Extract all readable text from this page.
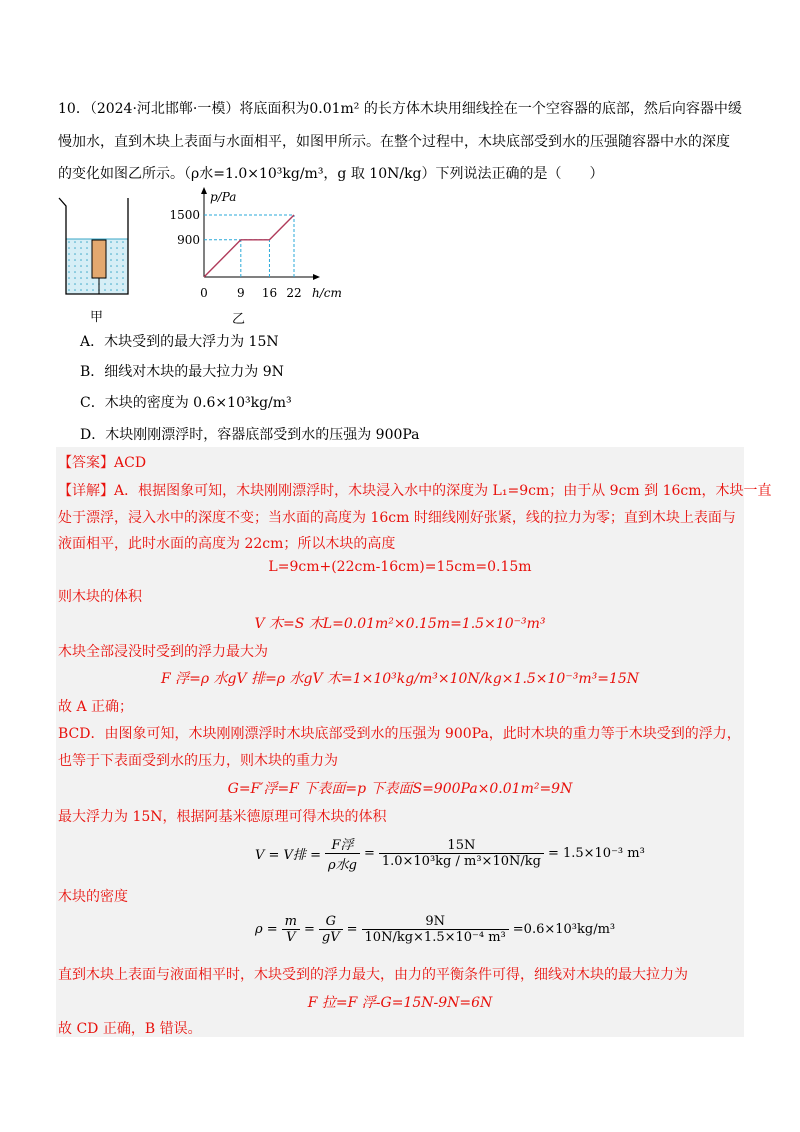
10．（2024·河北邯郸·一模）将底面积为0.01m² 的长方体木块用细线拴在一个空容器的底部，然后向容器中缓
慢加水，直到木块上表面与水面相平，如图甲所示。在整个过程中，木块底部受到水的压强随容器中水的深度
的变化如图乙所示。（ρ水=1.0×10³kg/m³，g 取 10N/kg）下列说法正确的是（　　）
甲
p/Pa
h/cm
1500
900
0 9 16 22
乙
A．木块受到的最大浮力为 15N
B．细线对木块的最大拉力为 9N
C．木块的密度为 0.6×10³kg/m³
D．木块刚刚漂浮时，容器底部受到水的压强为 900Pa
【答案】ACD
【详解】A．根据图象可知，木块刚刚漂浮时，木块浸入水中的深度为 L₁=9cm；由于从 9cm 到 16cm，木块一直
处于漂浮，浸入水中的深度不变；当水面的高度为 16cm 时细线刚好张紧，线的拉力为零；直到木块上表面与
液面相平，此时水面的高度为 22cm；所以木块的高度
L=9cm+(22cm-16cm)=15cm=0.15m
则木块的体积
V 木=S 木L=0.01m²×0.15m=1.5×10⁻³m³
木块全部浸没时受到的浮力最大为
F 浮=ρ 水gV 排=ρ 水gV 木=1×10³kg/m³×10N/kg×1.5×10⁻³m³=15N
故 A 正确；
BCD．由图象可知，木块刚刚漂浮时木块底部受到水的压强为 900Pa，此时木块的重力等于木块受到的浮力，
也等于下表面受到水的压力，则木块的重力为
G=F′浮=F 下表面=p 下表面S=900Pa×0.01m²=9N
最大浮力为 15N，根据阿基米德原理可得木块的体积
V = V排 = $\frac{\text{F浮}}{\text{ρ水g}} = \frac{15N}{\text{1.0×10³kg / m³×10N/kg}} = 1.5\times 10^{-3}$ m³
木块的密度
$\rho = \frac{m}{V} = \frac{G}{gV} = \frac{9N}{\text{10N/kg×1.5×10⁻⁴ m³}} =0.6\times 10^3kg/m^3$
直到木块上表面与液面相平时，木块受到的浮力最大，由力的平衡条件可得，细线对木块的最大拉力为
F 拉=F 浮-G=15N-9N=6N
故 CD 正确，B 错误。
